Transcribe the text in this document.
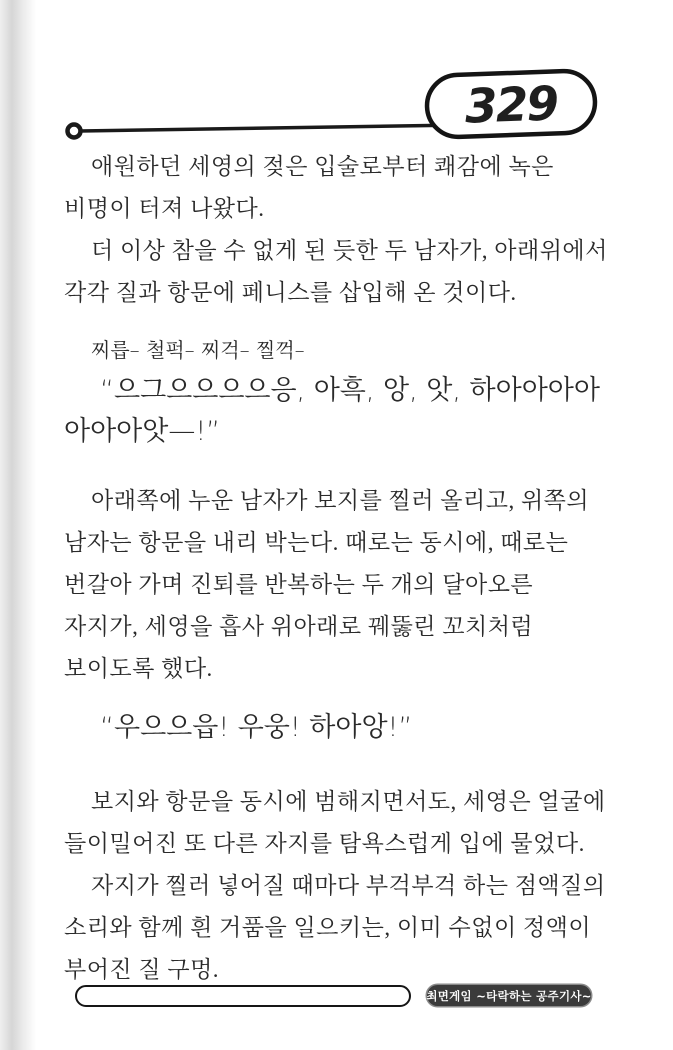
329

애원하던 세영의 젖은 입술로부터 쾌감에 녹은 비명이 터져 나왔다.

더 이상 참을 수 없게 된 듯한 두 남자가, 아래위에서 각각 질과 항문에 페니스를 삽입해 온 것이다.

찌릅– 철퍽– 찌걱– 찔꺽–

“으그으으으으응, 아흑, 앙, 앗, 하아아아아아아아앗—!”

아래쪽에 누운 남자가 보지를 찔러 올리고, 위쪽의 남자는 항문을 내리 박는다. 때로는 동시에, 때로는 번갈아 가며 진퇴를 반복하는 두 개의 달아오른 자지가, 세영을 흡사 위아래로 꿰뚫린 꼬치처럼 보이도록 했다.

“우으으읍! 우웅! 하아앙!”

보지와 항문을 동시에 범해지면서도, 세영은 얼굴에 들이밀어진 또 다른 자지를 탐욕스럽게 입에 물었다.

자지가 찔러 넣어질 때마다 부걱부걱 하는 점액질의 소리와 함께 흰 거품을 일으키는, 이미 수없이 정액이 부어진 질 구멍.

최면게임 ~타락하는 공주기사~
